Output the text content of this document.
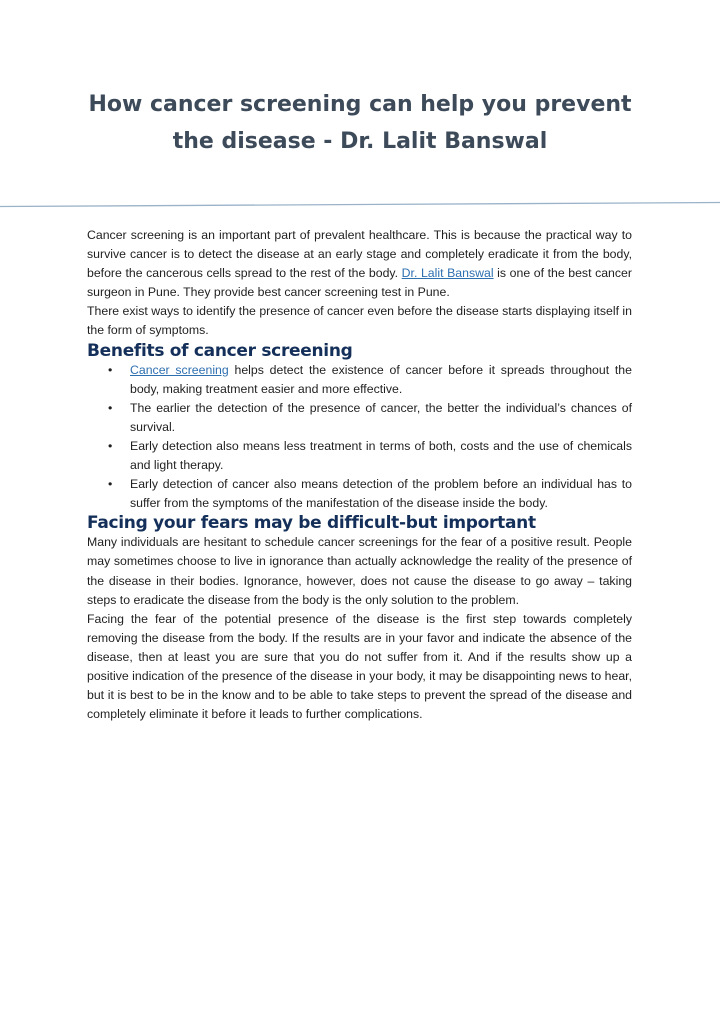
How cancer screening can help you prevent
the disease - Dr. Lalit Banswal

Cancer screening is an important part of prevalent healthcare. This is because the practical way to survive cancer is to detect the disease at an early stage and completely eradicate it from the body, before the cancerous cells spread to the rest of the body. Dr. Lalit Banswal is one of the best cancer surgeon in Pune. They provide best cancer screening test in Pune.

There exist ways to identify the presence of cancer even before the disease starts displaying itself in the form of symptoms.

Benefits of cancer screening
• Cancer screening helps detect the existence of cancer before it spreads throughout the body, making treatment easier and more effective.
• The earlier the detection of the presence of cancer, the better the individual’s chances of survival.
• Early detection also means less treatment in terms of both, costs and the use of chemicals and light therapy.
• Early detection of cancer also means detection of the problem before an individual has to suffer from the symptoms of the manifestation of the disease inside the body.
Facing your fears may be difficult-but important

Many individuals are hesitant to schedule cancer screenings for the fear of a positive result. People may sometimes choose to live in ignorance than actually acknowledge the reality of the presence of the disease in their bodies. Ignorance, however, does not cause the disease to go away – taking steps to eradicate the disease from the body is the only solution to the problem.

Facing the fear of the potential presence of the disease is the first step towards completely removing the disease from the body. If the results are in your favor and indicate the absence of the disease, then at least you are sure that you do not suffer from it. And if the results show up a positive indication of the presence of the disease in your body, it may be disappointing news to hear, but it is best to be in the know and to be able to take steps to prevent the spread of the disease and completely eliminate it before it leads to further complications.
